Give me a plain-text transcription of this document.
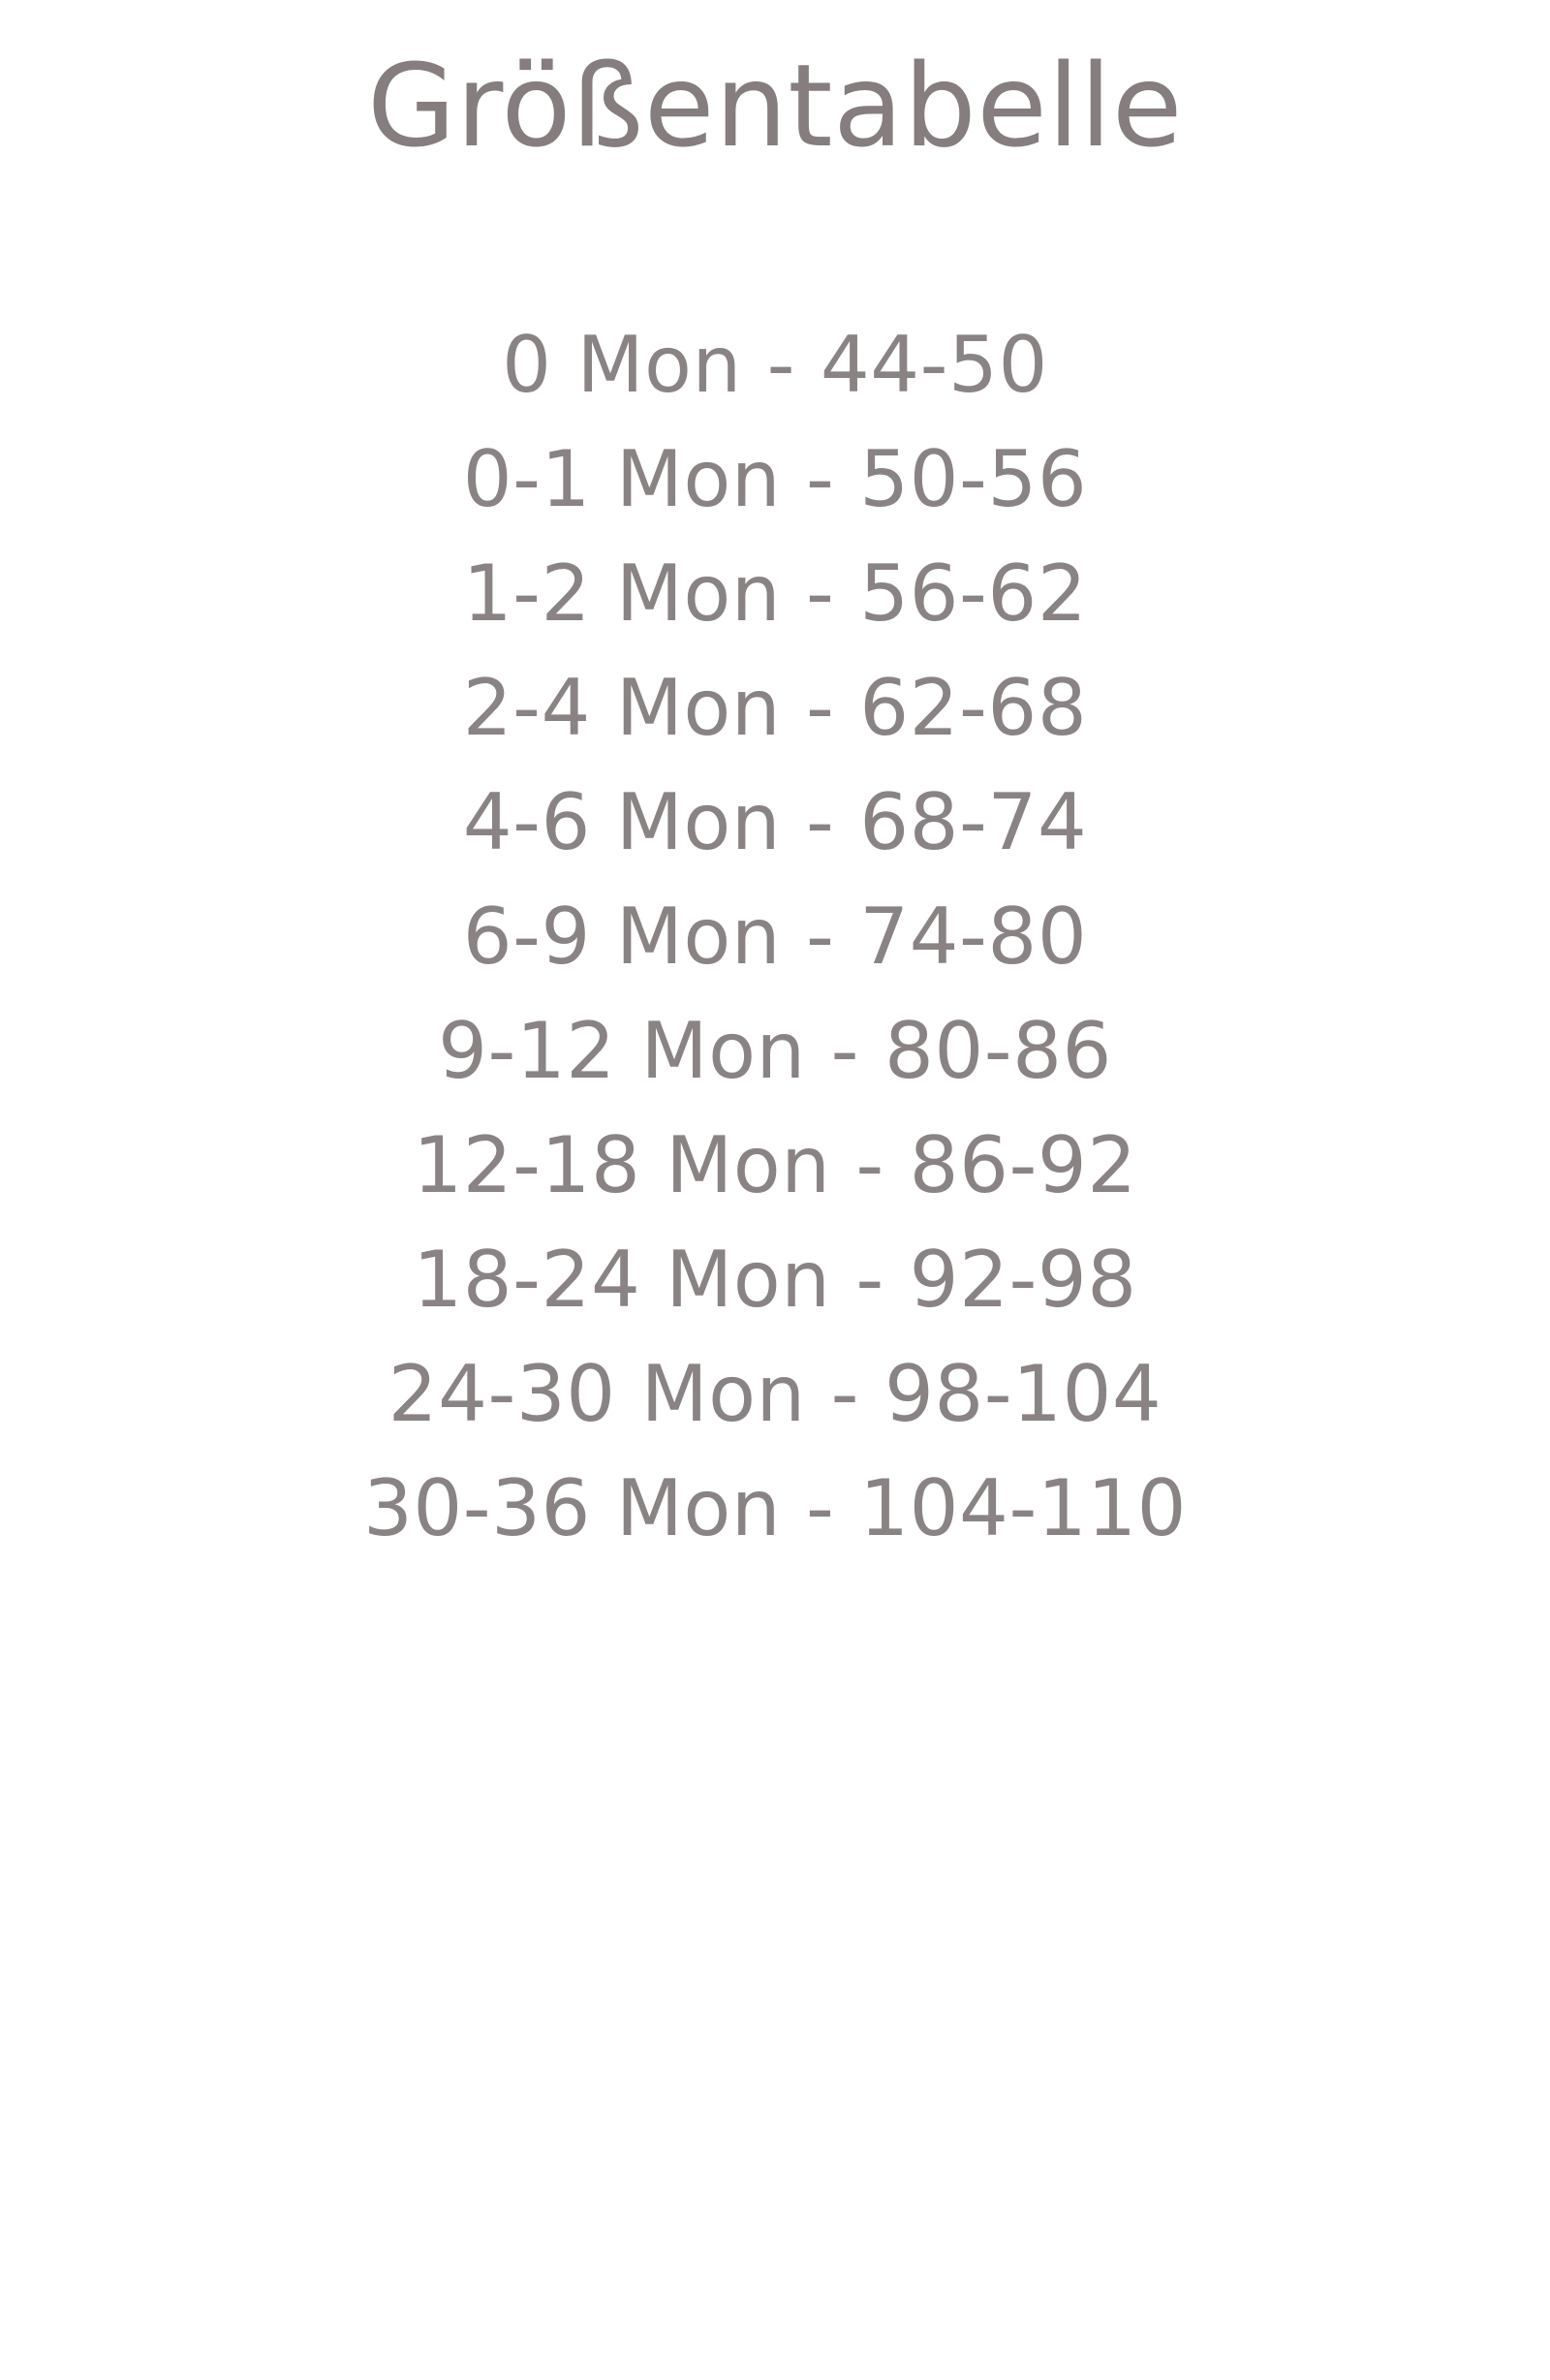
Größentabelle
0 Mon - 44-50
0-1 Mon - 50-56
1-2 Mon - 56-62
2-4 Mon - 62-68
4-6 Mon - 68-74
6-9 Mon - 74-80
9-12 Mon - 80-86
12-18 Mon - 86-92
18-24 Mon - 92-98
24-30 Mon - 98-104
30-36 Mon - 104-110
